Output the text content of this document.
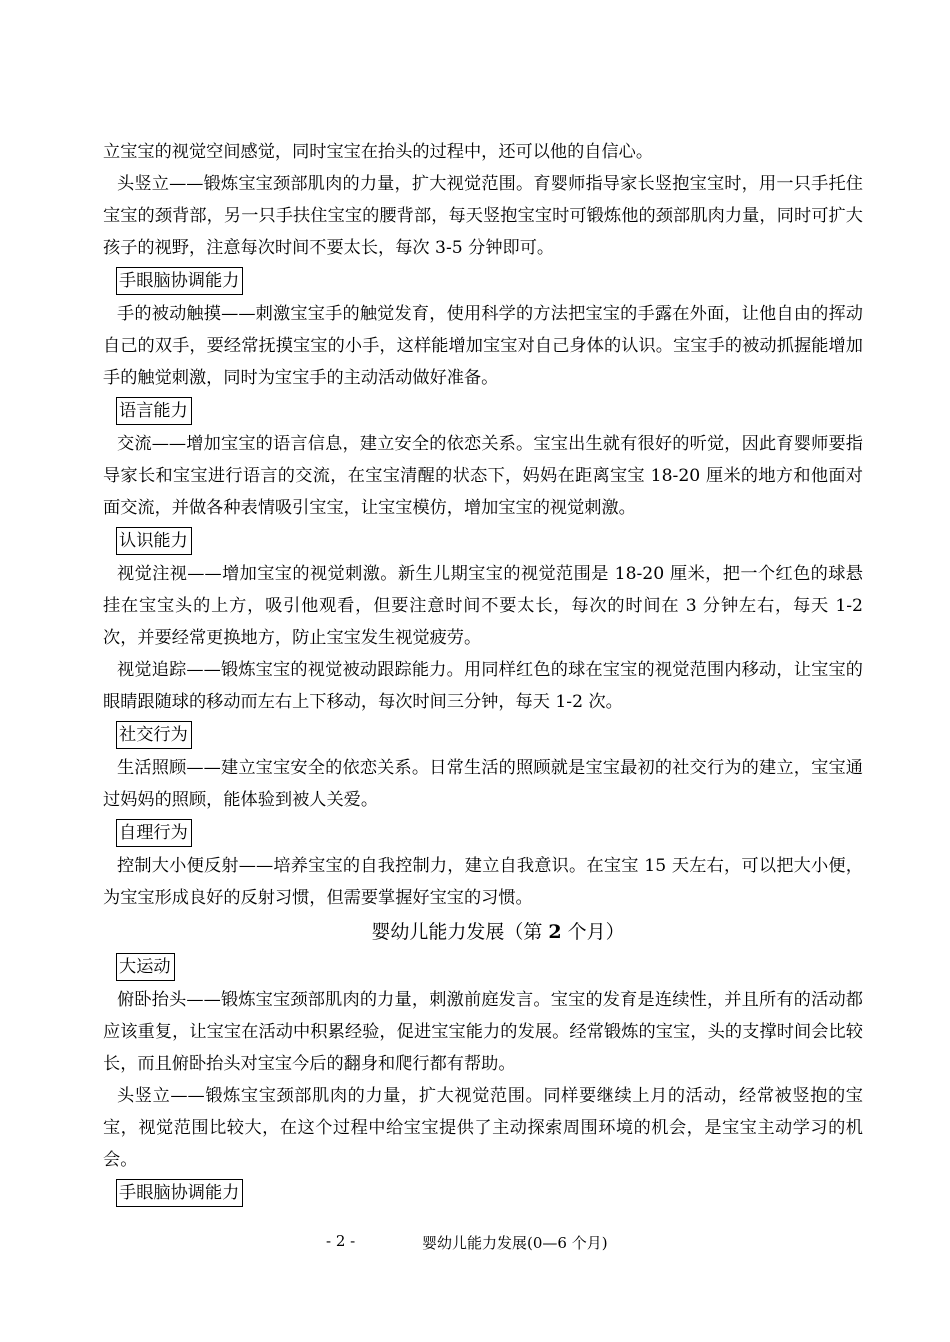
立宝宝的视觉空间感觉，同时宝宝在抬头的过程中，还可以他的自信心。

头竖立——锻炼宝宝颈部肌肉的力量，扩大视觉范围。育婴师指导家长竖抱宝宝时，用一只手托住宝宝的颈背部，另一只手扶住宝宝的腰背部，每天竖抱宝宝时可锻炼他的颈部肌肉力量，同时可扩大孩子的视野，注意每次时间不要太长，每次 3-5 分钟即可。

手眼脑协调能力

手的被动触摸——刺激宝宝手的触觉发育，使用科学的方法把宝宝的手露在外面，让他自由的挥动自己的双手，要经常抚摸宝宝的小手，这样能增加宝宝对自己身体的认识。宝宝手的被动抓握能增加手的触觉刺激，同时为宝宝手的主动活动做好准备。

语言能力

交流——增加宝宝的语言信息，建立安全的依恋关系。宝宝出生就有很好的听觉，因此育婴师要指导家长和宝宝进行语言的交流，在宝宝清醒的状态下，妈妈在距离宝宝 18-20 厘米的地方和他面对面交流，并做各种表情吸引宝宝，让宝宝模仿，增加宝宝的视觉刺激。

认识能力

视觉注视——增加宝宝的视觉刺激。新生儿期宝宝的视觉范围是 18-20 厘米，把一个红色的球悬挂在宝宝头的上方，吸引他观看，但要注意时间不要太长，每次的时间在 3 分钟左右，每天 1-2 次，并要经常更换地方，防止宝宝发生视觉疲劳。

视觉追踪——锻炼宝宝的视觉被动跟踪能力。用同样红色的球在宝宝的视觉范围内移动，让宝宝的眼睛跟随球的移动而左右上下移动，每次时间三分钟，每天 1-2 次。

社交行为

生活照顾——建立宝宝安全的依恋关系。日常生活的照顾就是宝宝最初的社交行为的建立，宝宝通过妈妈的照顾，能体验到被人关爱。

自理行为

控制大小便反射——培养宝宝的自我控制力，建立自我意识。在宝宝 15 天左右，可以把大小便，为宝宝形成良好的反射习惯，但需要掌握好宝宝的习惯。

婴幼儿能力发展（第 2 个月）

大运动

俯卧抬头——锻炼宝宝颈部肌肉的力量，刺激前庭发言。宝宝的发育是连续性，并且所有的活动都应该重复，让宝宝在活动中积累经验，促进宝宝能力的发展。经常锻炼的宝宝，头的支撑时间会比较长，而且俯卧抬头对宝宝今后的翻身和爬行都有帮助。

头竖立——锻炼宝宝颈部肌肉的力量，扩大视觉范围。同样要继续上月的活动，经常被竖抱的宝宝，视觉范围比较大，在这个过程中给宝宝提供了主动探索周围环境的机会，是宝宝主动学习的机会。

手眼脑协调能力
- 2 -	婴幼儿能力发展(0—6 个月)
